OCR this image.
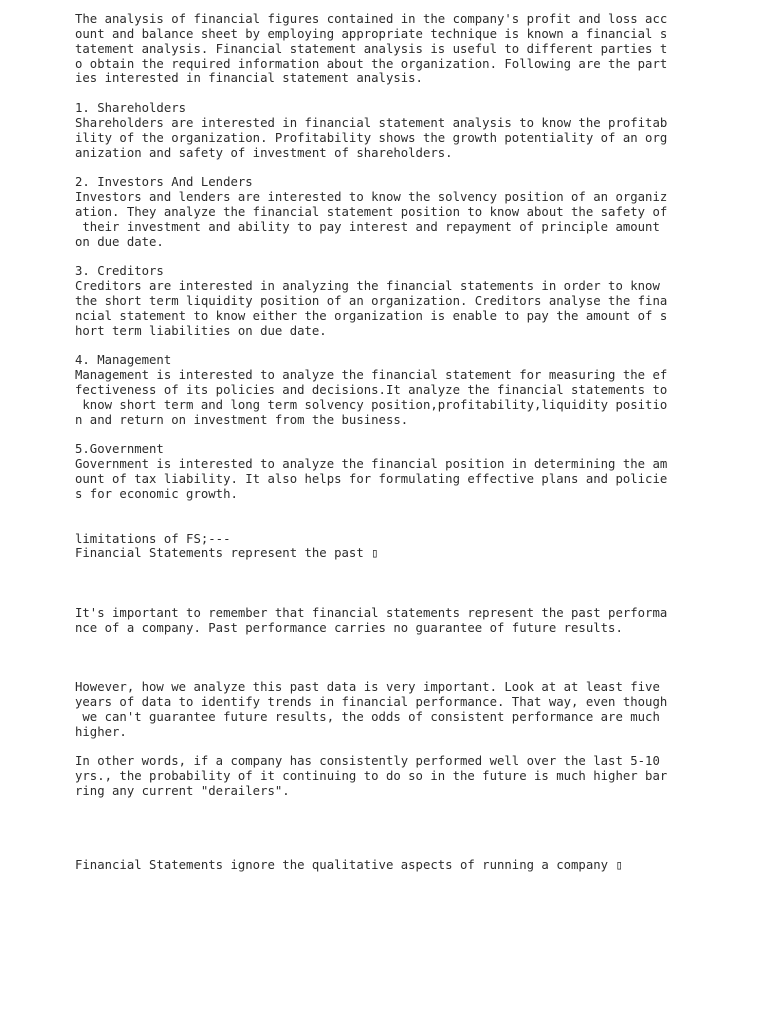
The analysis of financial figures contained in the company's profit and loss acc
ount and balance sheet by employing appropriate technique is known a financial s
tatement analysis. Financial statement analysis is useful to different parties t
o obtain the required information about the organization. Following are the part
ies interested in financial statement analysis.
1. Shareholders
Shareholders are interested in financial statement analysis to know the profitab
ility of the organization. Profitability shows the growth potentiality of an org
anization and safety of investment of shareholders.
2. Investors And Lenders
Investors and lenders are interested to know the solvency position of an organiz
ation. They analyze the financial statement position to know about the safety of
their investment and ability to pay interest and repayment of principle amount
on due date.
3. Creditors
Creditors are interested in analyzing the financial statements in order to know
the short term liquidity position of an organization. Creditors analyse the fina
ncial statement to know either the organization is enable to pay the amount of s
hort term liabilities on due date.
4. Management
Management is interested to analyze the financial statement for measuring the ef
fectiveness of its policies and decisions.It analyze the financial statements to
know short term and long term solvency position,profitability,liquidity positio
n and return on investment from the business.
5.Government
Government is interested to analyze the financial position in determining the am
ount of tax liability. It also helps for formulating effective plans and policie
s for economic growth.
limitations of FS;---
Financial Statements represent the past ▯
It's important to remember that financial statements represent the past performa
nce of a company. Past performance carries no guarantee of future results.
However, how we analyze this past data is very important. Look at at least five
years of data to identify trends in financial performance. That way, even though
we can't guarantee future results, the odds of consistent performance are much
higher.
In other words, if a company has consistently performed well over the last 5-10
yrs., the probability of it continuing to do so in the future is much higher bar
ring any current "derailers".
Financial Statements ignore the qualitative aspects of running a company ▯
